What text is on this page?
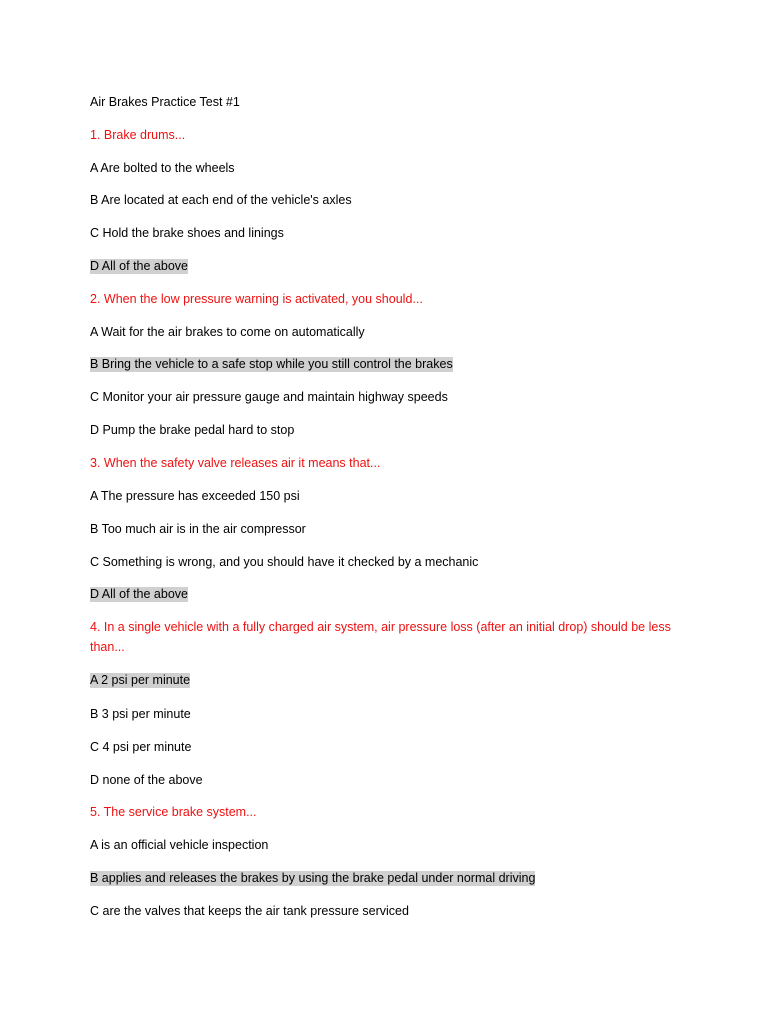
Air Brakes Practice Test #1
1. Brake drums...
A Are bolted to the wheels
B Are located at each end of the vehicle's axles
C Hold the brake shoes and linings
D All of the above
2. When the low pressure warning is activated, you should...
A Wait for the air brakes to come on automatically
B Bring the vehicle to a safe stop while you still control the brakes
C Monitor your air pressure gauge and maintain highway speeds
D Pump the brake pedal hard to stop
3. When the safety valve releases air it means that...
A The pressure has exceeded 150 psi
B Too much air is in the air compressor
C Something is wrong, and you should have it checked by a mechanic
D All of the above
4. In a single vehicle with a fully charged air system, air pressure loss (after an initial drop) should be less than...
A 2 psi per minute
B 3 psi per minute
C 4 psi per minute
D none of the above
5. The service brake system...
A is an official vehicle inspection
B applies and releases the brakes by using the brake pedal under normal driving
C are the valves that keeps the air tank pressure serviced
